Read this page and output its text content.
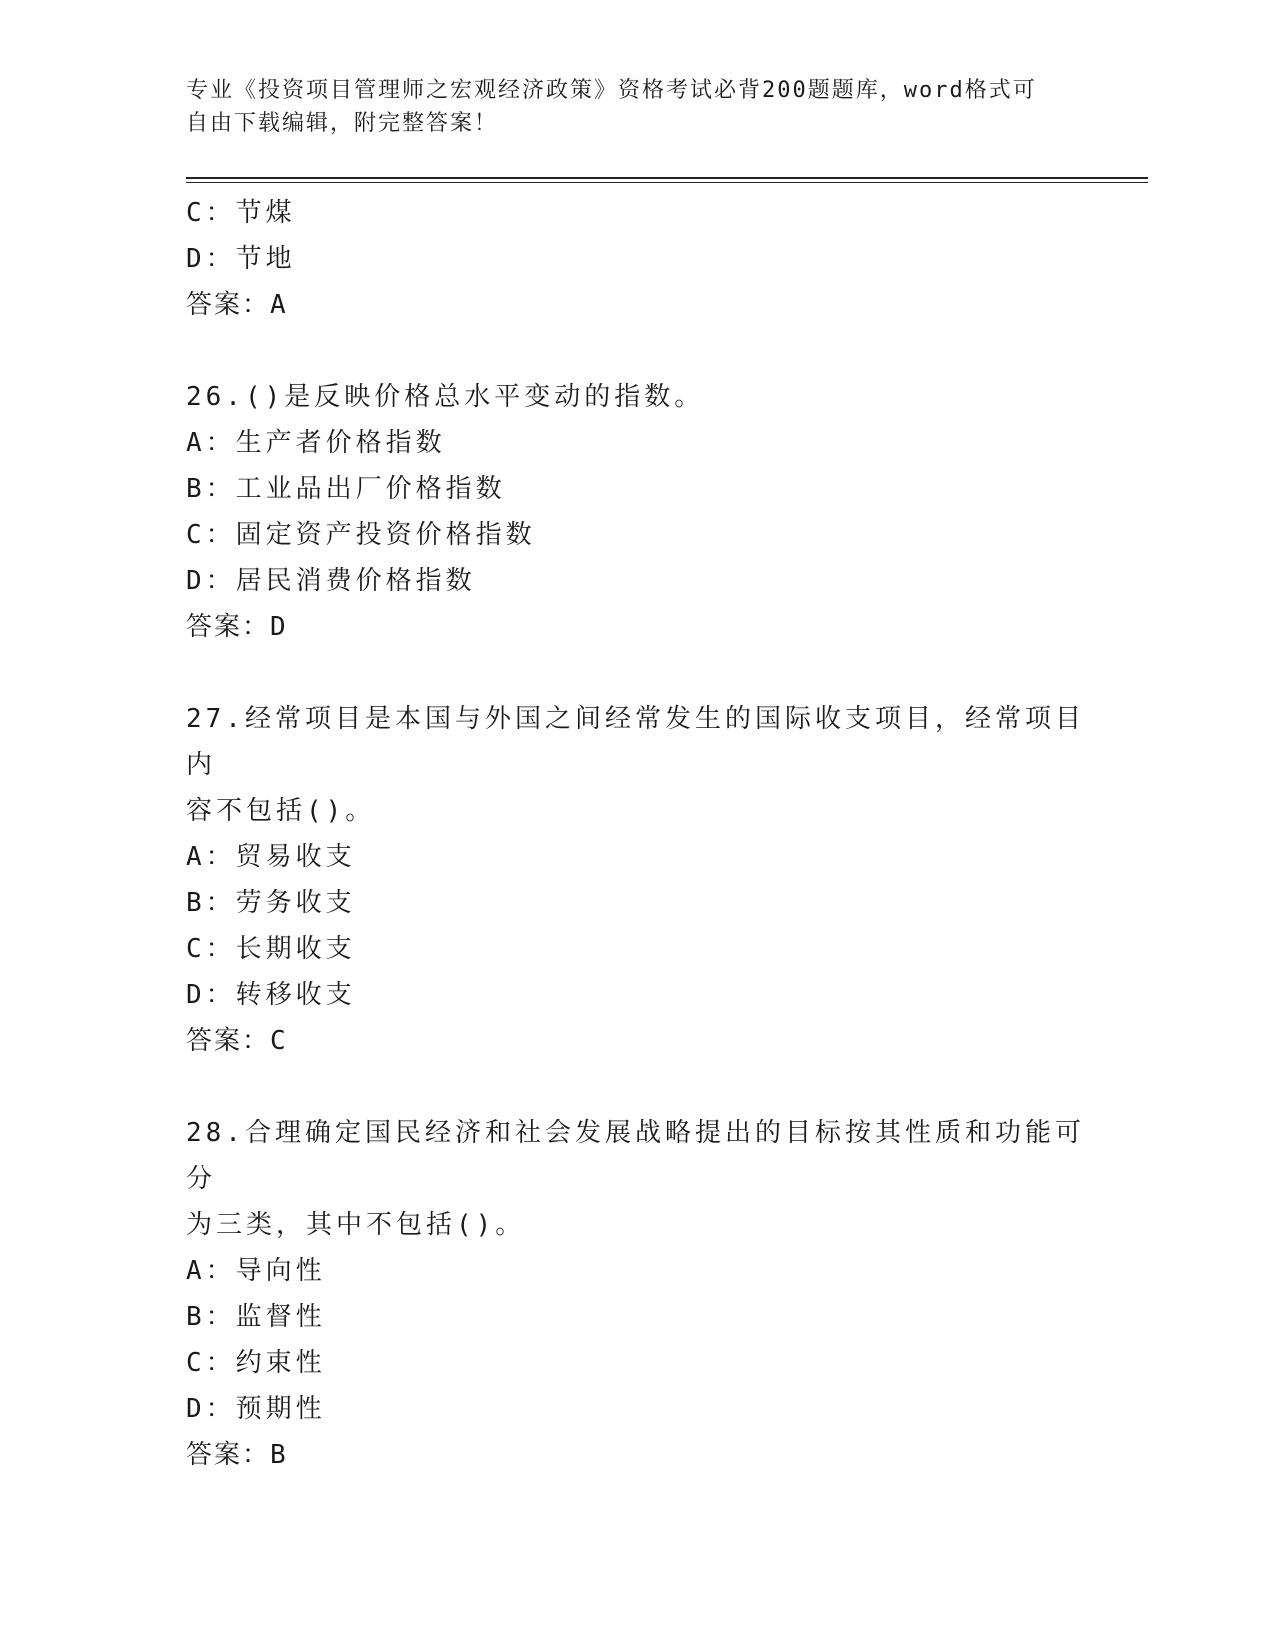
专业《投资项目管理师之宏观经济政策》资格考试必背200题题库，word格式可
自由下载编辑，附完整答案！
C：节煤
D：节地
答案：A
26.()是反映价格总水平变动的指数。
A：生产者价格指数
B：工业品出厂价格指数
C：固定资产投资价格指数
D：居民消费价格指数
答案：D
27.经常项目是本国与外国之间经常发生的国际收支项目，经常项目内
容不包括()。
A：贸易收支
B：劳务收支
C：长期收支
D：转移收支
答案：C
28.合理确定国民经济和社会发展战略提出的目标按其性质和功能可分
为三类，其中不包括()。
A：导向性
B：监督性
C：约束性
D：预期性
答案：B
